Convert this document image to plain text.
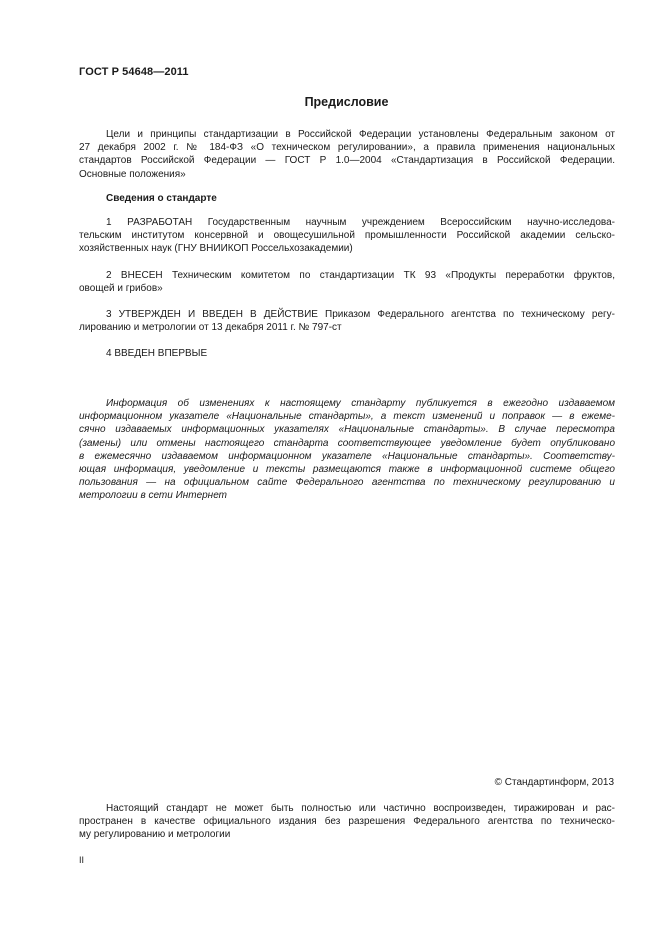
ГОСТ Р 54648—2011
Предисловие
Цели и принципы стандартизации в Российской Федерации установлены Федеральным законом от
27 декабря 2002 г. № 184-ФЗ «О техническом регулировании», а правила применения национальных
стандартов Российской Федерации — ГОСТ Р 1.0—2004 «Стандартизация в Российской Федерации.
Основные положения»
Сведения о стандарте
1 РАЗРАБОТАН Государственным научным учреждением Всероссийским научно-исследова-
тельским институтом консервной и овощесушильной промышленности Российской академии сельско-
хозяйственных наук (ГНУ ВНИИКОП Россельхозакадемии)
2 ВНЕСЕН Техническим комитетом по стандартизации ТК 93 «Продукты переработки фруктов,
овощей и грибов»
3 УТВЕРЖДЕН И ВВЕДЕН В ДЕЙСТВИЕ Приказом Федерального агентства по техническому регу-
лированию и метрологии от 13 декабря 2011 г. № 797-ст
4 ВВЕДЕН ВПЕРВЫЕ
Информация об изменениях к настоящему стандарту публикуется в ежегодно издаваемом
информационном указателе «Национальные стандарты», а текст изменений и поправок — в ежеме-
сячно издаваемых информационных указателях «Национальные стандарты». В случае пересмотра
(замены) или отмены настоящего стандарта соответствующее уведомление будет опубликовано
в ежемесячно издаваемом информационном указателе «Национальные стандарты». Соответству-
ющая информация, уведомление и тексты размещаются также в информационной системе общего
пользования — на официальном сайте Федерального агентства по техническому регулированию и
метрологии в сети Интернет
© Стандартинформ, 2013
Настоящий стандарт не может быть полностью или частично воспроизведен, тиражирован и рас-
пространен в качестве официального издания без разрешения Федерального агентства по техническо-
му регулированию и метрологии
II
